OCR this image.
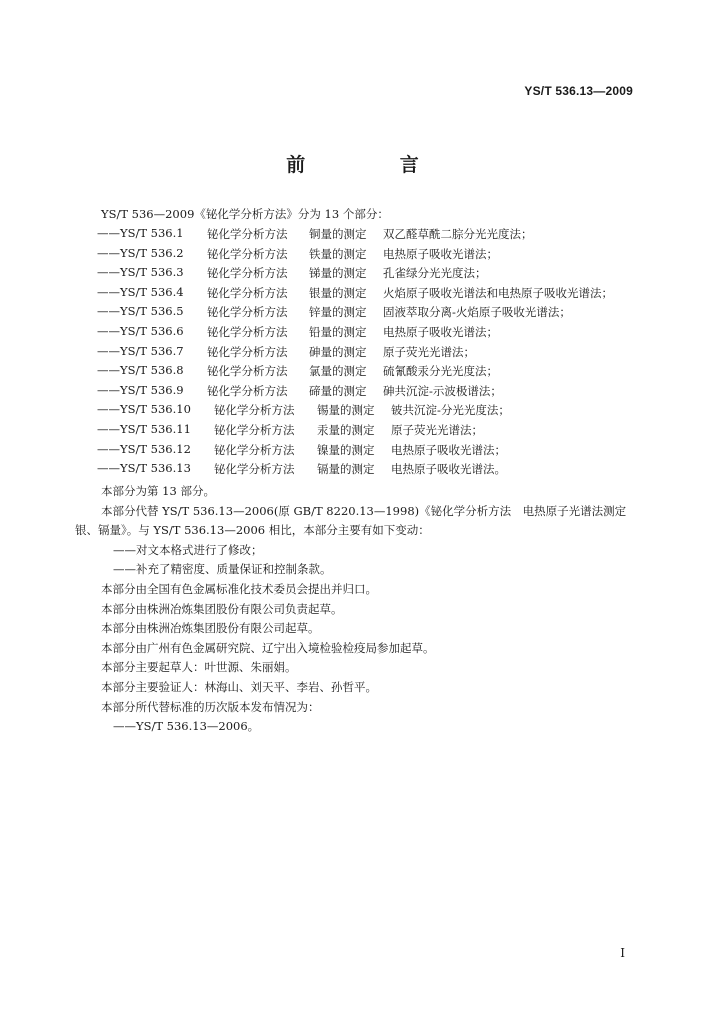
YS/T 536.13—2009
前 言
YS/T 536—2009《铋化学分析方法》分为 13 个部分：
——YS/T 536.1 铋化学分析方法 铜量的测定 双乙醛草酰二腙分光光度法；
——YS/T 536.2 铋化学分析方法 铁量的测定 电热原子吸收光谱法；
——YS/T 536.3 铋化学分析方法 锑量的测定 孔雀绿分光光度法；
——YS/T 536.4 铋化学分析方法 银量的测定 火焰原子吸收光谱法和电热原子吸收光谱法；
——YS/T 536.5 铋化学分析方法 锌量的测定 固液萃取分离-火焰原子吸收光谱法；
——YS/T 536.6 铋化学分析方法 铅量的测定 电热原子吸收光谱法；
——YS/T 536.7 铋化学分析方法 砷量的测定 原子荧光光谱法；
——YS/T 536.8 铋化学分析方法 氯量的测定 硫氰酸汞分光光度法；
——YS/T 536.9 铋化学分析方法 碲量的测定 砷共沉淀-示波极谱法；
——YS/T 536.10 铋化学分析方法 锡量的测定 铍共沉淀-分光光度法；
——YS/T 536.11 铋化学分析方法 汞量的测定 原子荧光光谱法；
——YS/T 536.12 铋化学分析方法 镍量的测定 电热原子吸收光谱法；
——YS/T 536.13 铋化学分析方法 镉量的测定 电热原子吸收光谱法。
本部分为第 13 部分。
本部分代替 YS/T 536.13—2006(原 GB/T 8220.13—1998)《铋化学分析方法　电热原子光谱法测定银、镉量》。与 YS/T 536.13—2006 相比，本部分主要有如下变动：
——对文本格式进行了修改；
——补充了精密度、质量保证和控制条款。
本部分由全国有色金属标准化技术委员会提出并归口。
本部分由株洲冶炼集团股份有限公司负责起草。
本部分由株洲冶炼集团股份有限公司起草。
本部分由广州有色金属研究院、辽宁出入境检验检疫局参加起草。
本部分主要起草人：叶世源、朱丽娟。
本部分主要验证人：林海山、刘天平、李岩、孙哲平。
本部分所代替标准的历次版本发布情况为：
——YS/T 536.13—2006。
I
